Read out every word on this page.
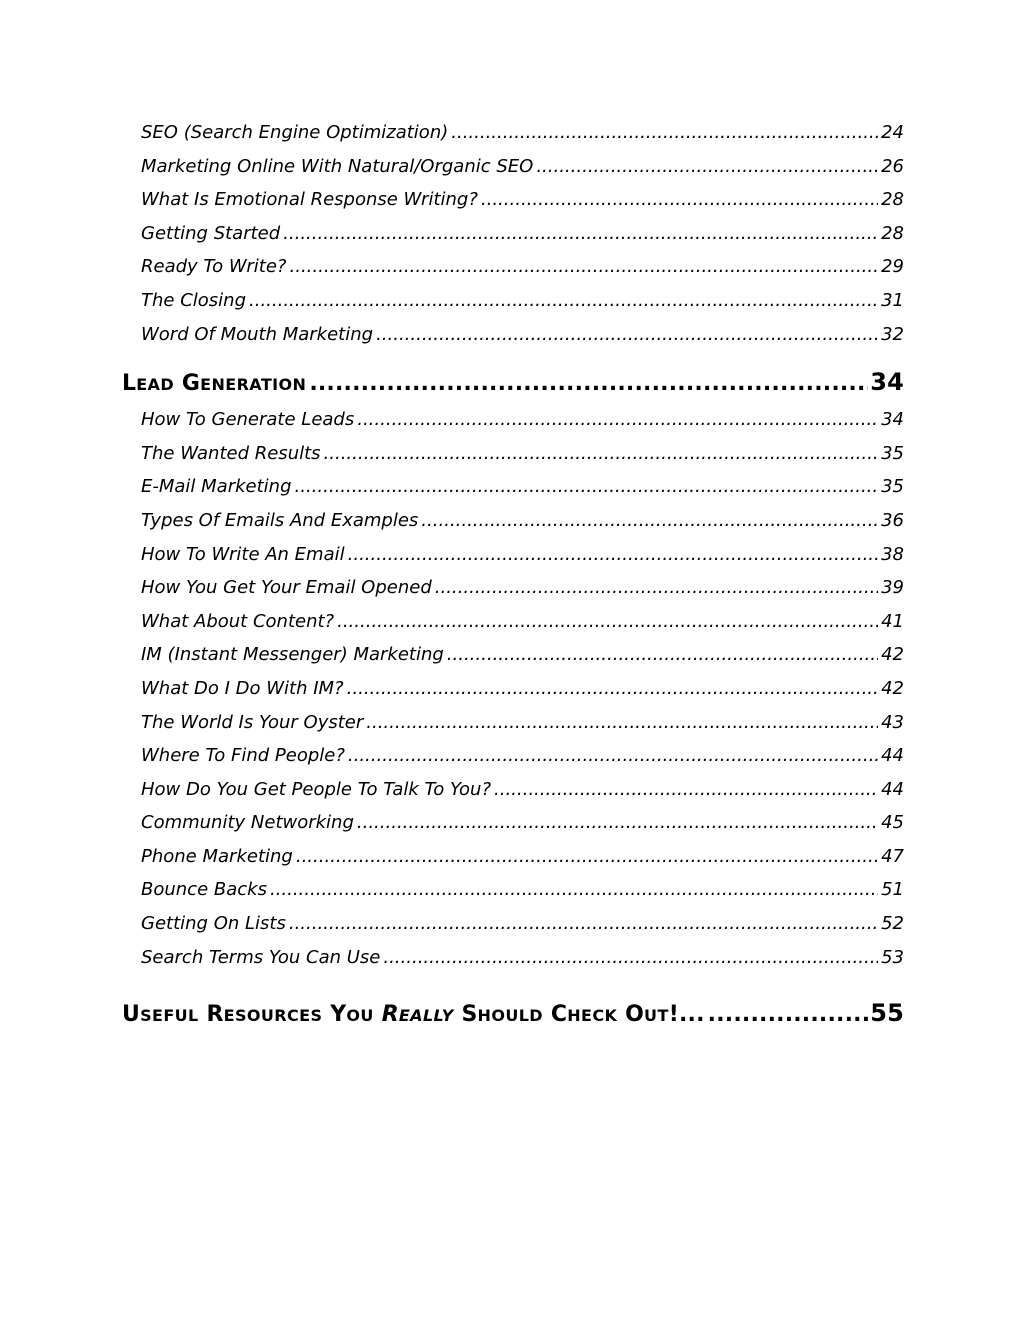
SEO (Search Engine Optimization) .....	24
Marketing Online With Natural/Organic SEO .....	26
What Is Emotional Response Writing? .....	28
Getting Started .....	28
Ready To Write? .....	29
The Closing .....	31
Word Of Mouth Marketing .....	32
LEAD GENERATION .....	34
How To Generate Leads .....	34
The Wanted Results .....	35
E-Mail Marketing .....	35
Types Of Emails And Examples .....	36
How To Write An Email .....	38
How You Get Your Email Opened .....	39
What About Content? .....	41
IM (Instant Messenger) Marketing .....	42
What Do I Do With IM? .....	42
The World Is Your Oyster .....	43
Where To Find People? .....	44
How Do You Get People To Talk To You? .....	44
Community Networking .....	45
Phone Marketing .....	47
Bounce Backs .....	51
Getting On Lists .....	52
Search Terms You Can Use .....	53
USEFUL RESOURCES YOU REALLY SHOULD CHECK OUT!... .....	55
